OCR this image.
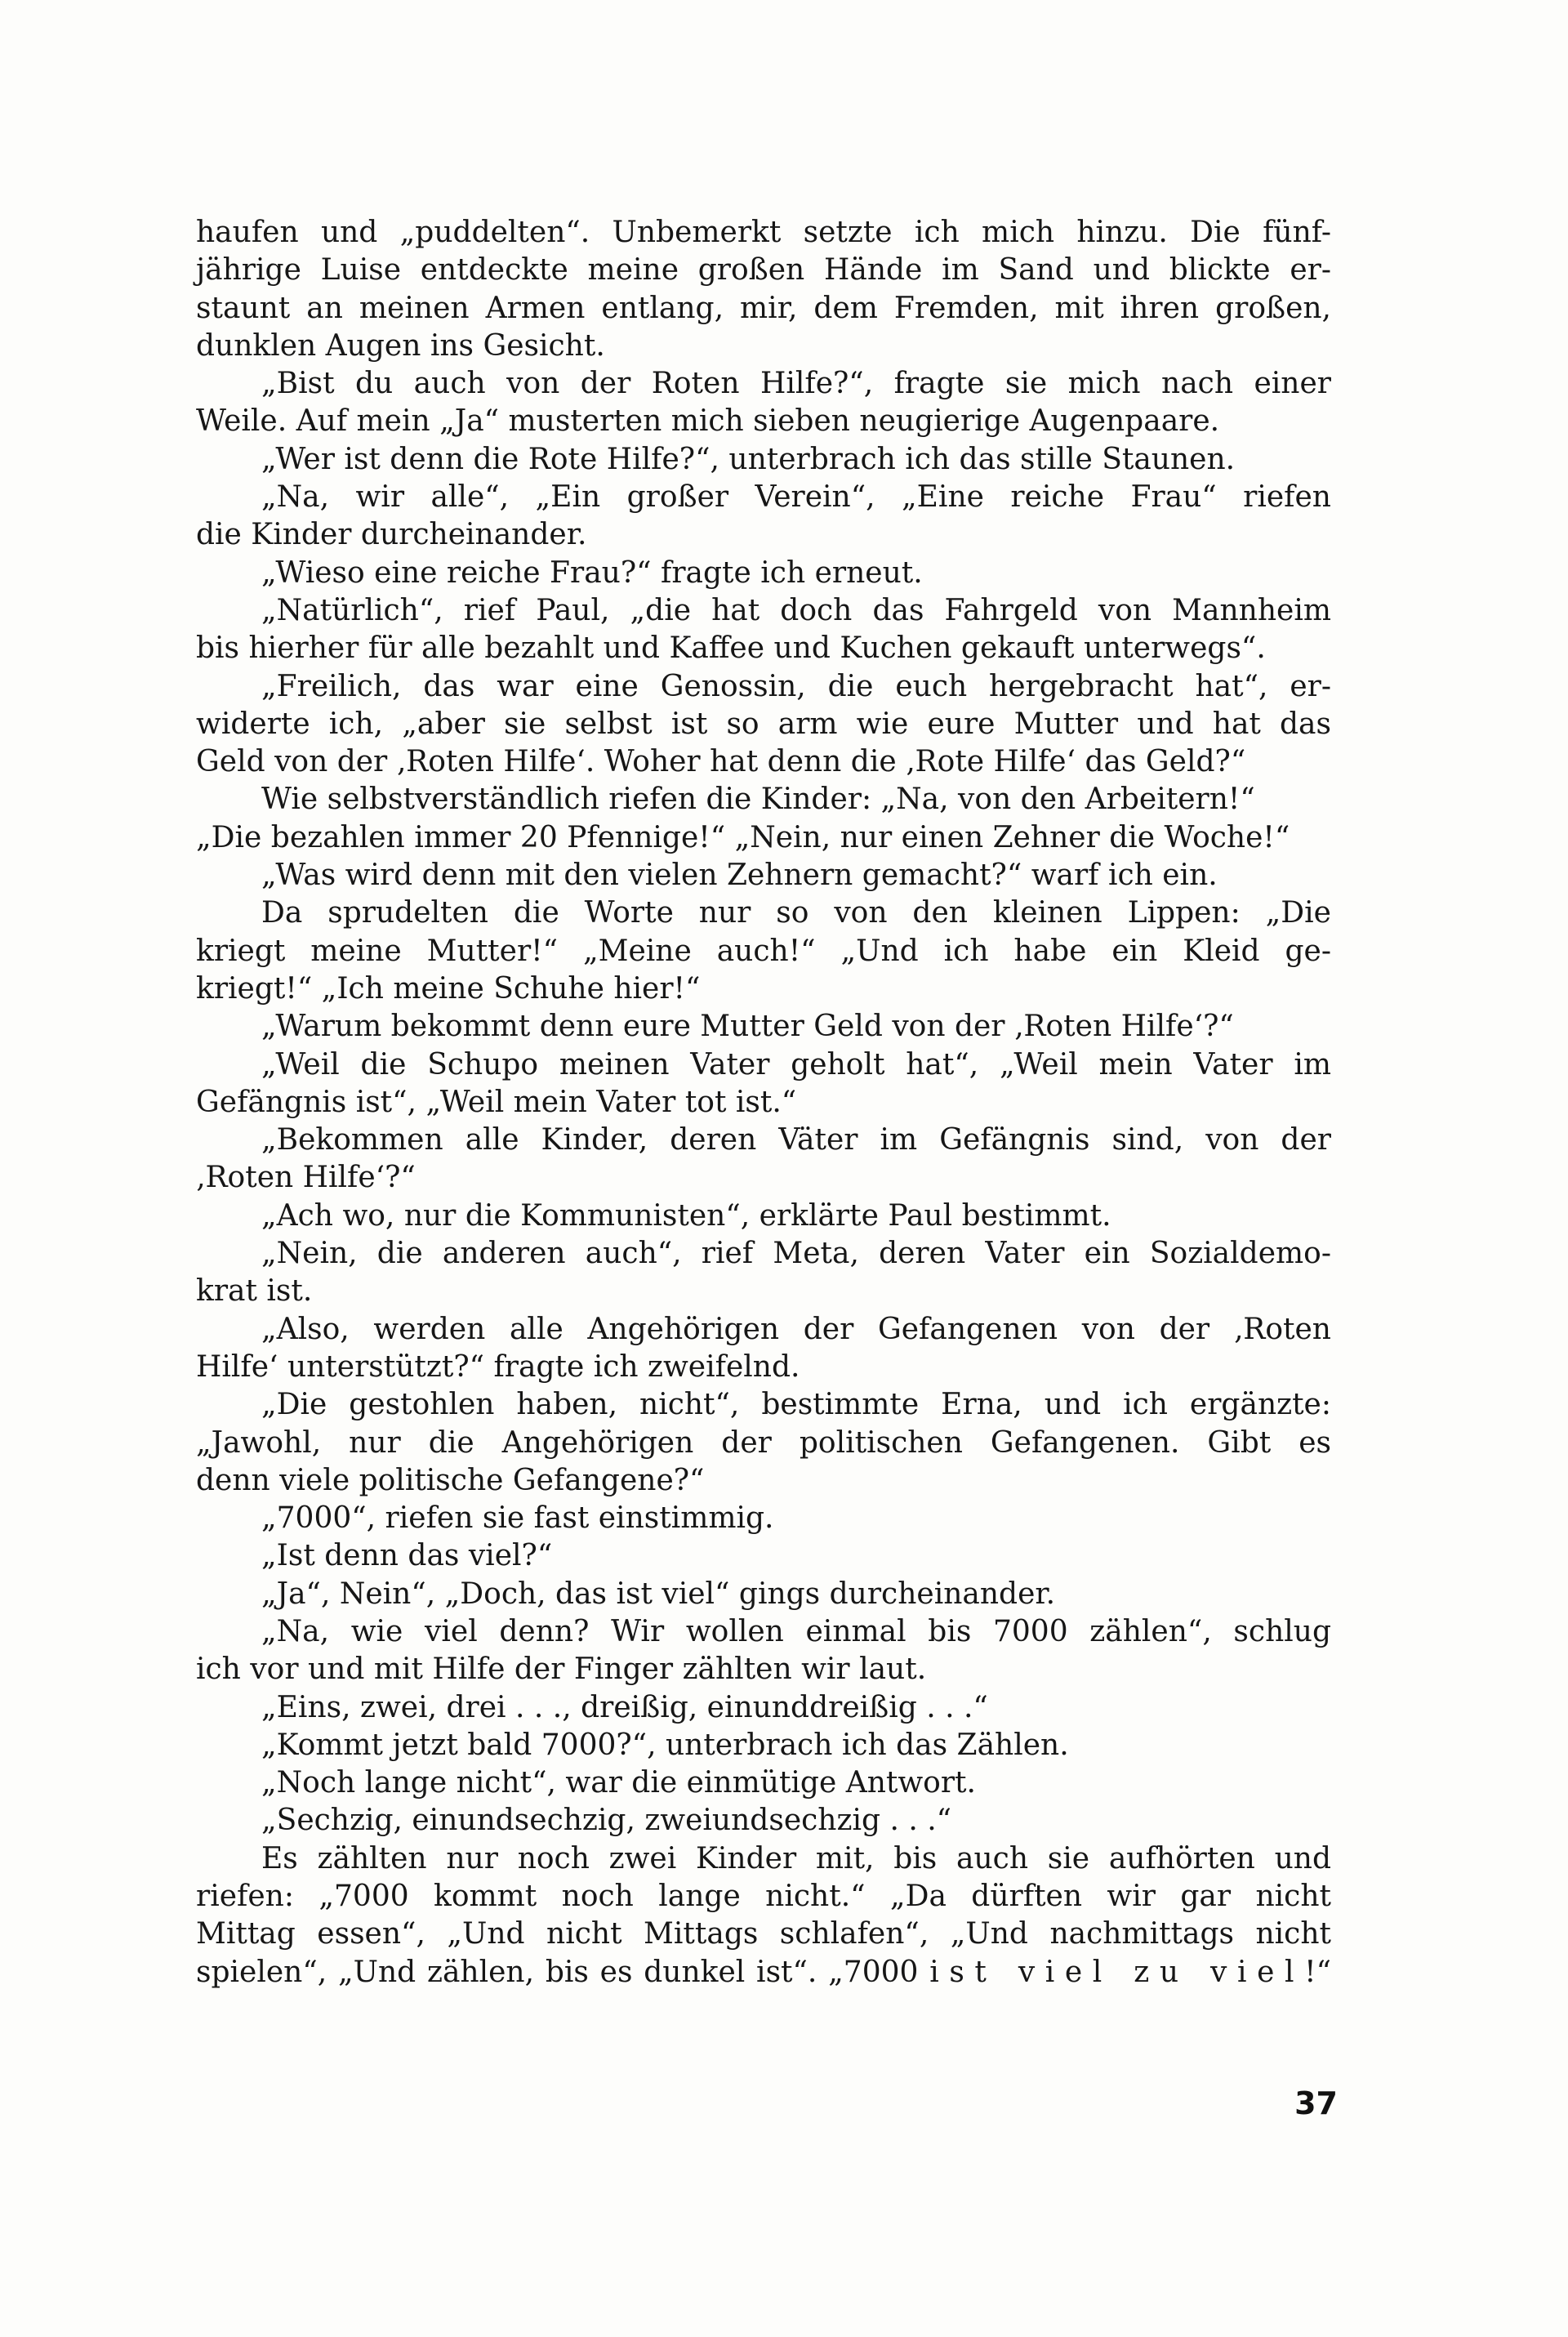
haufen und „puddelten“. Unbemerkt setzte ich mich hinzu. Die fünf-
jährige Luise entdeckte meine großen Hände im Sand und blickte er-
staunt an meinen Armen entlang, mir, dem Fremden, mit ihren großen,
dunklen Augen ins Gesicht.
„Bist du auch von der Roten Hilfe?“, fragte sie mich nach einer
Weile. Auf mein „Ja“ musterten mich sieben neugierige Augenpaare.
„Wer ist denn die Rote Hilfe?“, unterbrach ich das stille Staunen.
„Na, wir alle“, „Ein großer Verein“, „Eine reiche Frau“ riefen
die Kinder durcheinander.
„Wieso eine reiche Frau?“ fragte ich erneut.
„Natürlich“, rief Paul, „die hat doch das Fahrgeld von Mannheim
bis hierher für alle bezahlt und Kaffee und Kuchen gekauft unterwegs“.
„Freilich, das war eine Genossin, die euch hergebracht hat“, er-
widerte ich, „aber sie selbst ist so arm wie eure Mutter und hat das
Geld von der ‚Roten Hilfe‘. Woher hat denn die ‚Rote Hilfe‘ das Geld?“
Wie selbstverständlich riefen die Kinder: „Na, von den Arbeitern!“
„Die bezahlen immer 20 Pfennige!“ „Nein, nur einen Zehner die Woche!“
„Was wird denn mit den vielen Zehnern gemacht?“ warf ich ein.
Da sprudelten die Worte nur so von den kleinen Lippen: „Die
kriegt meine Mutter!“ „Meine auch!“ „Und ich habe ein Kleid ge-
kriegt!“ „Ich meine Schuhe hier!“
„Warum bekommt denn eure Mutter Geld von der ‚Roten Hilfe‘?“
„Weil die Schupo meinen Vater geholt hat“, „Weil mein Vater im
Gefängnis ist“, „Weil mein Vater tot ist.“
„Bekommen alle Kinder, deren Väter im Gefängnis sind, von der
‚Roten Hilfe‘?“
„Ach wo, nur die Kommunisten“, erklärte Paul bestimmt.
„Nein, die anderen auch“, rief Meta, deren Vater ein Sozialdemo-
krat ist.
„Also, werden alle Angehörigen der Gefangenen von der ‚Roten
Hilfe‘ unterstützt?“ fragte ich zweifelnd.
„Die gestohlen haben, nicht“, bestimmte Erna, und ich ergänzte:
„Jawohl, nur die Angehörigen der politischen Gefangenen. Gibt es
denn viele politische Gefangene?“
„7000“, riefen sie fast einstimmig.
„Ist denn das viel?“
„Ja“, Nein“, „Doch, das ist viel“ gings durcheinander.
„Na, wie viel denn? Wir wollen einmal bis 7000 zählen“, schlug
ich vor und mit Hilfe der Finger zählten wir laut.
„Eins, zwei, drei . . ., dreißig, einunddreißig . . .“
„Kommt jetzt bald 7000?“, unterbrach ich das Zählen.
„Noch lange nicht“, war die einmütige Antwort.
„Sechzig, einundsechzig, zweiundsechzig . . .“
Es zählten nur noch zwei Kinder mit, bis auch sie aufhörten und
riefen: „7000 kommt noch lange nicht.“ „Da dürften wir gar nicht
Mittag essen“, „Und nicht Mittags schlafen“, „Und nachmittags nicht
spielen“, „Und zählen, bis es dunkel ist“. „7000 ist viel zu viel!“
37
